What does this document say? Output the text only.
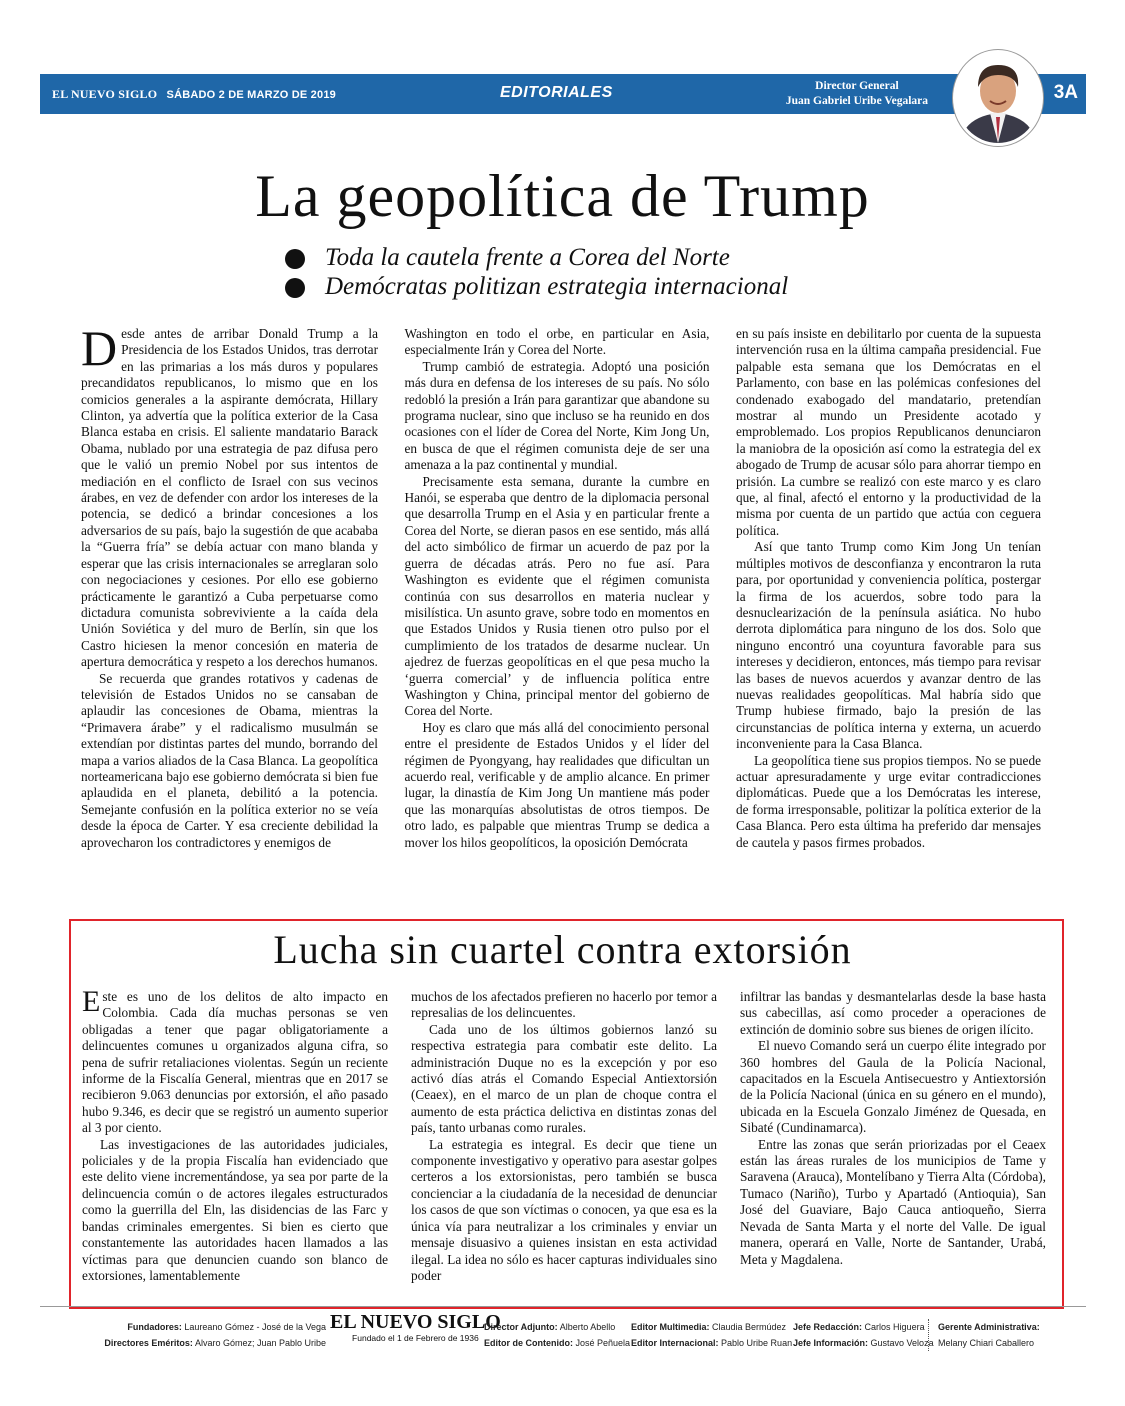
EL NUEVO SIGLO SÁBADO 2 DE MARZO DE 2019	EDITORIALES	Director General
Juan Gabriel Uribe Vegalara	3A
La geopolítica de Trump
Toda la cautela frente a Corea del Norte
Demócratas politizan estrategia internacional

Desde antes de arribar Donald Trump a la Presidencia de los Estados Unidos, tras derrotar en las primarias a los más duros y populares precandidatos republicanos, lo mismo que en los comicios generales a la aspirante demócrata, Hillary Clinton, ya advertía que la política exterior de la Casa Blanca estaba en crisis. El saliente mandatario Barack Obama, nublado por una estrategia de paz difusa pero que le valió un premio Nobel por sus intentos de mediación en el conflicto de Israel con sus vecinos árabes, en vez de defender con ardor los intereses de la potencia, se dedicó a brindar concesiones a los adversarios de su país, bajo la sugestión de que acababa la “Guerra fría” se debía actuar con mano blanda y esperar que las crisis internacionales se arreglaran solo con negociaciones y cesiones. Por ello ese gobierno prácticamente le garantizó a Cuba perpetuarse como dictadura comunista sobreviviente a la caída dela Unión Soviética y del muro de Berlín, sin que los Castro hiciesen la menor concesión en materia de apertura democrática y respeto a los derechos humanos.

Se recuerda que grandes rotativos y cadenas de televisión de Estados Unidos no se cansaban de aplaudir las concesiones de Obama, mientras la “Primavera árabe” y el radicalismo musulmán se extendían por distintas partes del mundo, borrando del mapa a varios aliados de la Casa Blanca. La geopolítica norteamericana bajo ese gobierno demócrata si bien fue aplaudida en el planeta, debilitó a la potencia. Semejante confusión en la política exterior no se veía desde la época de Carter. Y esa creciente debilidad la aprovecharon los contradictores y enemigos de

Washington en todo el orbe, en particular en Asia, especialmente Irán y Corea del Norte.

Trump cambió de estrategia. Adoptó una posición más dura en defensa de los intereses de su país. No sólo redobló la presión a Irán para garantizar que abandone su programa nuclear, sino que incluso se ha reunido en dos ocasiones con el líder de Corea del Norte, Kim Jong Un, en busca de que el régimen comunista deje de ser una amenaza a la paz continental y mundial.

Precisamente esta semana, durante la cumbre en Hanói, se esperaba que dentro de la diplomacia personal que desarrolla Trump en el Asia y en particular frente a Corea del Norte, se dieran pasos en ese sentido, más allá del acto simbólico de firmar un acuerdo de paz por la guerra de décadas atrás. Pero no fue así. Para Washington es evidente que el régimen comunista continúa con sus desarrollos en materia nuclear y misilística. Un asunto grave, sobre todo en momentos en que Estados Unidos y Rusia tienen otro pulso por el cumplimiento de los tratados de desarme nuclear. Un ajedrez de fuerzas geopolíticas en el que pesa mucho la ‘guerra comercial’ y de influencia política entre Washington y China, principal mentor del gobierno de Corea del Norte.

Hoy es claro que más allá del conocimiento personal entre el presidente de Estados Unidos y el líder del régimen de Pyongyang, hay realidades que dificultan un acuerdo real, verificable y de amplio alcance. En primer lugar, la dinastía de Kim Jong Un mantiene más poder que las monarquías absolutistas de otros tiempos. De otro lado, es palpable que mientras Trump se dedica a mover los hilos geopolíticos, la oposición Demócrata

en su país insiste en debilitarlo por cuenta de la supuesta intervención rusa en la última campaña presidencial. Fue palpable esta semana que los Demócratas en el Parlamento, con base en las polémicas confesiones del condenado exabogado del mandatario, pretendían mostrar al mundo un Presidente acotado y emproblemado. Los propios Republicanos denunciaron la maniobra de la oposición así como la estrategia del ex abogado de Trump de acusar sólo para ahorrar tiempo en prisión. La cumbre se realizó con este marco y es claro que, al final, afectó el entorno y la productividad de la misma por cuenta de un partido que actúa con ceguera política.

Así que tanto Trump como Kim Jong Un tenían múltiples motivos de desconfianza y encontraron la ruta para, por oportunidad y conveniencia política, postergar la firma de los acuerdos, sobre todo para la desnuclearización de la península asiática. No hubo derrota diplomática para ninguno de los dos. Solo que ninguno encontró una coyuntura favorable para sus intereses y decidieron, entonces, más tiempo para revisar las bases de nuevos acuerdos y avanzar dentro de las nuevas realidades geopolíticas. Mal habría sido que Trump hubiese firmado, bajo la presión de las circunstancias de política interna y externa, un acuerdo inconveniente para la Casa Blanca.

La geopolítica tiene sus propios tiempos. No se puede actuar apresuradamente y urge evitar contradicciones diplomáticas. Puede que a los Demócratas les interese, de forma irresponsable, politizar la política exterior de la Casa Blanca. Pero esta última ha preferido dar mensajes de cautela y pasos firmes probados.

Lucha sin cuartel contra extorsión

Este es uno de los delitos de alto impacto en Colombia. Cada día muchas personas se ven obligadas a tener que pagar obligatoriamente a delincuentes comunes u organizados alguna cifra, so pena de sufrir retaliaciones violentas. Según un reciente informe de la Fiscalía General, mientras que en 2017 se recibieron 9.063 denuncias por extorsión, el año pasado hubo 9.346, es decir que se registró un aumento superior al 3 por ciento.

Las investigaciones de las autoridades judiciales, policiales y de la propia Fiscalía han evidenciado que este delito viene incrementándose, ya sea por parte de la delincuencia común o de actores ilegales estructurados como la guerrilla del Eln, las disidencias de las Farc y bandas criminales emergentes. Si bien es cierto que constantemente las autoridades hacen llamados a las víctimas para que denuncien cuando son blanco de extorsiones, lamentablemente

muchos de los afectados prefieren no hacerlo por temor a represalias de los delincuentes.

Cada uno de los últimos gobiernos lanzó su respectiva estrategia para combatir este delito. La administración Duque no es la excepción y por eso activó días atrás el Comando Especial Antiextorsión (Ceaex), en el marco de un plan de choque contra el aumento de esta práctica delictiva en distintas zonas del país, tanto urbanas como rurales.

La estrategia es integral. Es decir que tiene un componente investigativo y operativo para asestar golpes certeros a los extorsionistas, pero también se busca concienciar a la ciudadanía de la necesidad de denunciar los casos de que son víctimas o conocen, ya que esa es la única vía para neutralizar a los criminales y enviar un mensaje disuasivo a quienes insistan en esta actividad ilegal. La idea no sólo es hacer capturas individuales sino poder

infiltrar las bandas y desmantelarlas desde la base hasta sus cabecillas, así como proceder a operaciones de extinción de dominio sobre sus bienes de origen ilícito.

El nuevo Comando será un cuerpo élite integrado por 360 hombres del Gaula de la Policía Nacional, capacitados en la Escuela Antisecuestro y Antiextorsión de la Policía Nacional (única en su género en el mundo), ubicada en la Escuela Gonzalo Jiménez de Quesada, en Sibaté (Cundinamarca).

Entre las zonas que serán priorizadas por el Ceaex están las áreas rurales de los municipios de Tame y Saravena (Arauca), Montelíbano y Tierra Alta (Córdoba), Tumaco (Nariño), Turbo y Apartadó (Antioquia), San José del Guaviare, Bajo Cauca antioqueño, Sierra Nevada de Santa Marta y el norte del Valle. De igual manera, operará en Valle, Norte de Santander, Urabá, Meta y Magdalena.

Fundadores: Laureano Gómez - José de la Vega
Directores Eméritos: Alvaro Gómez; Juan Pablo Uribe
EL NUEVO SIGLO
Fundado el 1 de Febrero de 1936
Director Adjunto: Alberto Abello
Editor de Contenido: José Peñuela
Editor Multimedia: Claudia Bermúdez
Editor Internacional: Pablo Uribe Ruan
Jefe Redacción: Carlos Higuera
Jefe Información: Gustavo Veloza
Gerente Administrativa:
Melany Chiari Caballero
